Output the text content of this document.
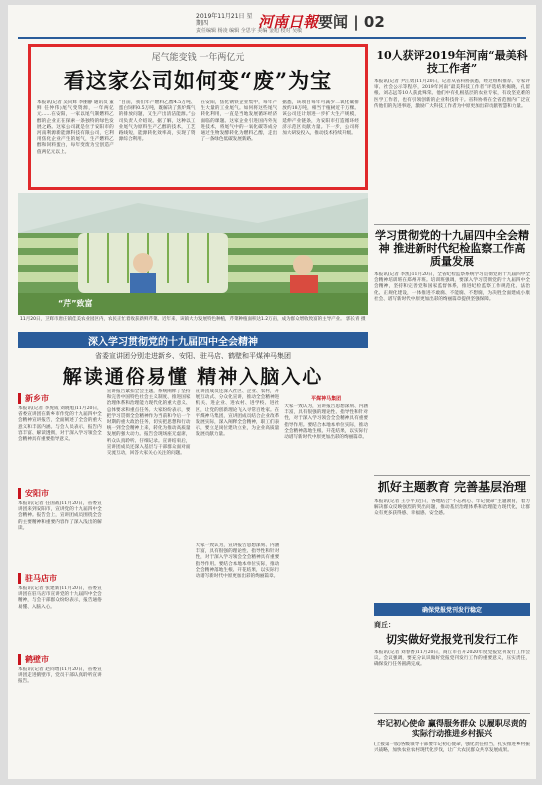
2019年11月21日 星期四	河南日報 要闻 | 02
责任编辑 杨凌 编辑 全思宇 美编 金旭 校对 吴敏
尾气能变钱 一年两亿元
看这家公司如何变“废”为宝
本报讯(记者 吴向辉 李丽静 通讯员 董鲜 任仲伟)尾气变资源，一年两亿元……在安阳，一家以尾气制燃料乙醇的企业正在探索一条独特的绿色发展之路。这家公司就是位于安阳市的河南利源新能源科技有限公司，它利用焦化企业产生的尾气，生产燃料乙醇和饲料蛋白，每年变废为宝创造产值两亿元以上。
“目前，我们年产燃料乙醇4.5万吨、蛋白饲料0.5万吨，既解决了焦炉煤气的排放问题，又生产出清洁能源。”公司负责人介绍说。据了解，这种以工业尾气为原料生产乙醇的技术，工艺路线短，能源转化效率高，实现了资源综合利用。
在安阳，焦化钢铁企业集中，每年产生大量的工业尾气。如何将这些尾气转化利用，一直是当地发展循环经济面临的课题。这家企业引进国内外先进技术，将尾气中的一氧化碳等成分通过生物发酵转化为燃料乙醇，走出了一条绿色低碳发展新路。
据悉，该项目每年可减少二氧化碳排放约18万吨，相当于植树近千万棵。该公司还计划进一步扩大生产规模，延伸产业链条，为安阳市打造循环经济示范区贡献力量。下一步，公司将加大研发投入，推动技术持续升级。
“芹”致富
11月20日，卫辉市唐庄镇佳美农业园区内，农民正忙着收获新鲜芹菜。近年来，该镇大力发展特色种植，芹菜种植面积达1.2万亩，成为群众增收致富的主导产业。 郭长青 摄
深入学习贯彻党的十九届四中全会精神
省委宣讲团分别走进新乡、安阳、驻马店、鹤壁和平煤神马集团
解读通俗易懂 精神入脑入心
新乡市
本报讯(记者 李虎成 刘晓旭)11月20日，省委宣讲团在新乡市作党的十九届四中全会精神宣讲报告，全面阐述了全会的重大意义和丰富内涵。与会人员表示，报告内容丰富、解读透彻，对于深入学习领会全会精神具有重要指导意义。
安阳市
本报讯(记者 任国战)11月20日，省委宣讲团来到安阳市，宣讲党的十九届四中全会精神。报告会上，宣讲团成员围绕全会的主要精神和重要内容作了深入浅出的解读。
驻马店市
本报讯(记者 张建新)11月20日，省委宣讲团在驻马店市宣讲党的十九届四中全会精神，与会干部群众纷纷表示，报告通俗易懂、入脑入心。
鹤壁市
本报讯(记者 赵同增)11月20日，省委宣讲团走进鹤壁市，党员干部认真聆听宣讲报告。
宣讲报告紧扣全会主题，系统阐释了坚持和完善中国特色社会主义制度、推进国家治理体系和治理能力现代化的重大意义、总体要求和重点任务。大家纷纷表示，要把学习贯彻全会精神作为当前和今后一个时期的重大政治任务，切实把思想和行动统一到全会精神上来，转化为推动高质量发展的强大动力。报告会现场座无虚席，听众认真聆听、仔细记录。宣讲结束后，宣讲团成员还深入基层与干部群众面对面交流互动，回答大家关心关注的问题。
宣讲团成员还深入社区、企业、农村，开展互动式、分众化宣讲，推动全会精神进机关、进企业、进农村、进学校、进社区，让党的创新理论飞入寻常百姓家。在平煤神马集团，宣讲团成员结合企业改革发展实际，深入阐释全会精神，职工们表示，要立足岗位建功立业，为企业高质量发展贡献力量。
大家一致认为，宣讲报告思想深刻、内涵丰富，具有很强的理论性、指导性和针对性，对于深入学习领会全会精神具有重要指导作用。要结合本地本单位实际，推动全会精神落地生根、开花结果，以实际行动谱写新时代中原更加出彩的绚丽篇章。
平煤神马集团
大家一致认为，宣讲报告思想深刻、内涵丰富，具有很强的理论性、指导性和针对性，对于深入学习领会全会精神具有重要指导作用。要结合本地本单位实际，推动全会精神落地生根、开花结果，以实际行动谱写新时代中原更加出彩的绚丽篇章。
10人获评2019年河南“最美科技工作者”
本报讯(记者 尹江勇)11月20日，记者从省科协获悉，经过组织推荐、专家评审、社会公示等程序，2019年河南“最美科技工作者”评选结果揭晓，孔留根、刘志远等10人获此殊荣。他们中有扎根基层的农业专家，有攻坚克难的医学工作者，也有引领创新的企业科技骨干。省科协将在全省范围内广泛宣传他们的先进事迹，激励广大科技工作者为中原更加出彩贡献智慧和力量。
学习贯彻党的十九届四中全会精神 推进新时代纪检监察工作高质量发展
本报讯(记者 李凯)11月20日，全省纪检监察系统学习贯彻党的十九届四中全会精神培训班在郑州开班。培训班强调，要深入学习贯彻党的十九届四中全会精神，坚持和完善党和国家监督体系，推进纪检监察工作规范化、法治化、正规化建设，一体推进不敢腐、不能腐、不想腐，为决胜全面建成小康社会、谱写新时代中原更加出彩的绚丽篇章提供坚强保障。
抓好主题教育 完善基层治理
本报讯(记者 王小平)近日，各地结合“不忘初心、牢记使命”主题教育，着力解决群众反映强烈的突出问题，推动基层治理体系和治理能力现代化，让群众有更多获得感、幸福感、安全感。
确保党报党刊发行稳定
商丘：
切实做好党报党刊发行工作
本报讯(记者 刘春香)11月20日，商丘市召开2020年度党报党刊发行工作会议。会议强调，要充分认识做好党报党刊发行工作的重要意义，压实责任，确保发行任务圆满完成。
牢记初心使命 赢得服务群众 以履职尽责的实际行动推进乡村振兴
(上接第一版)各级领导干部要牢记初心使命，强化责任担当，扎实推进乡村振兴战略，加快农业农村现代化步伐，让广大农民群众共享发展成果。
